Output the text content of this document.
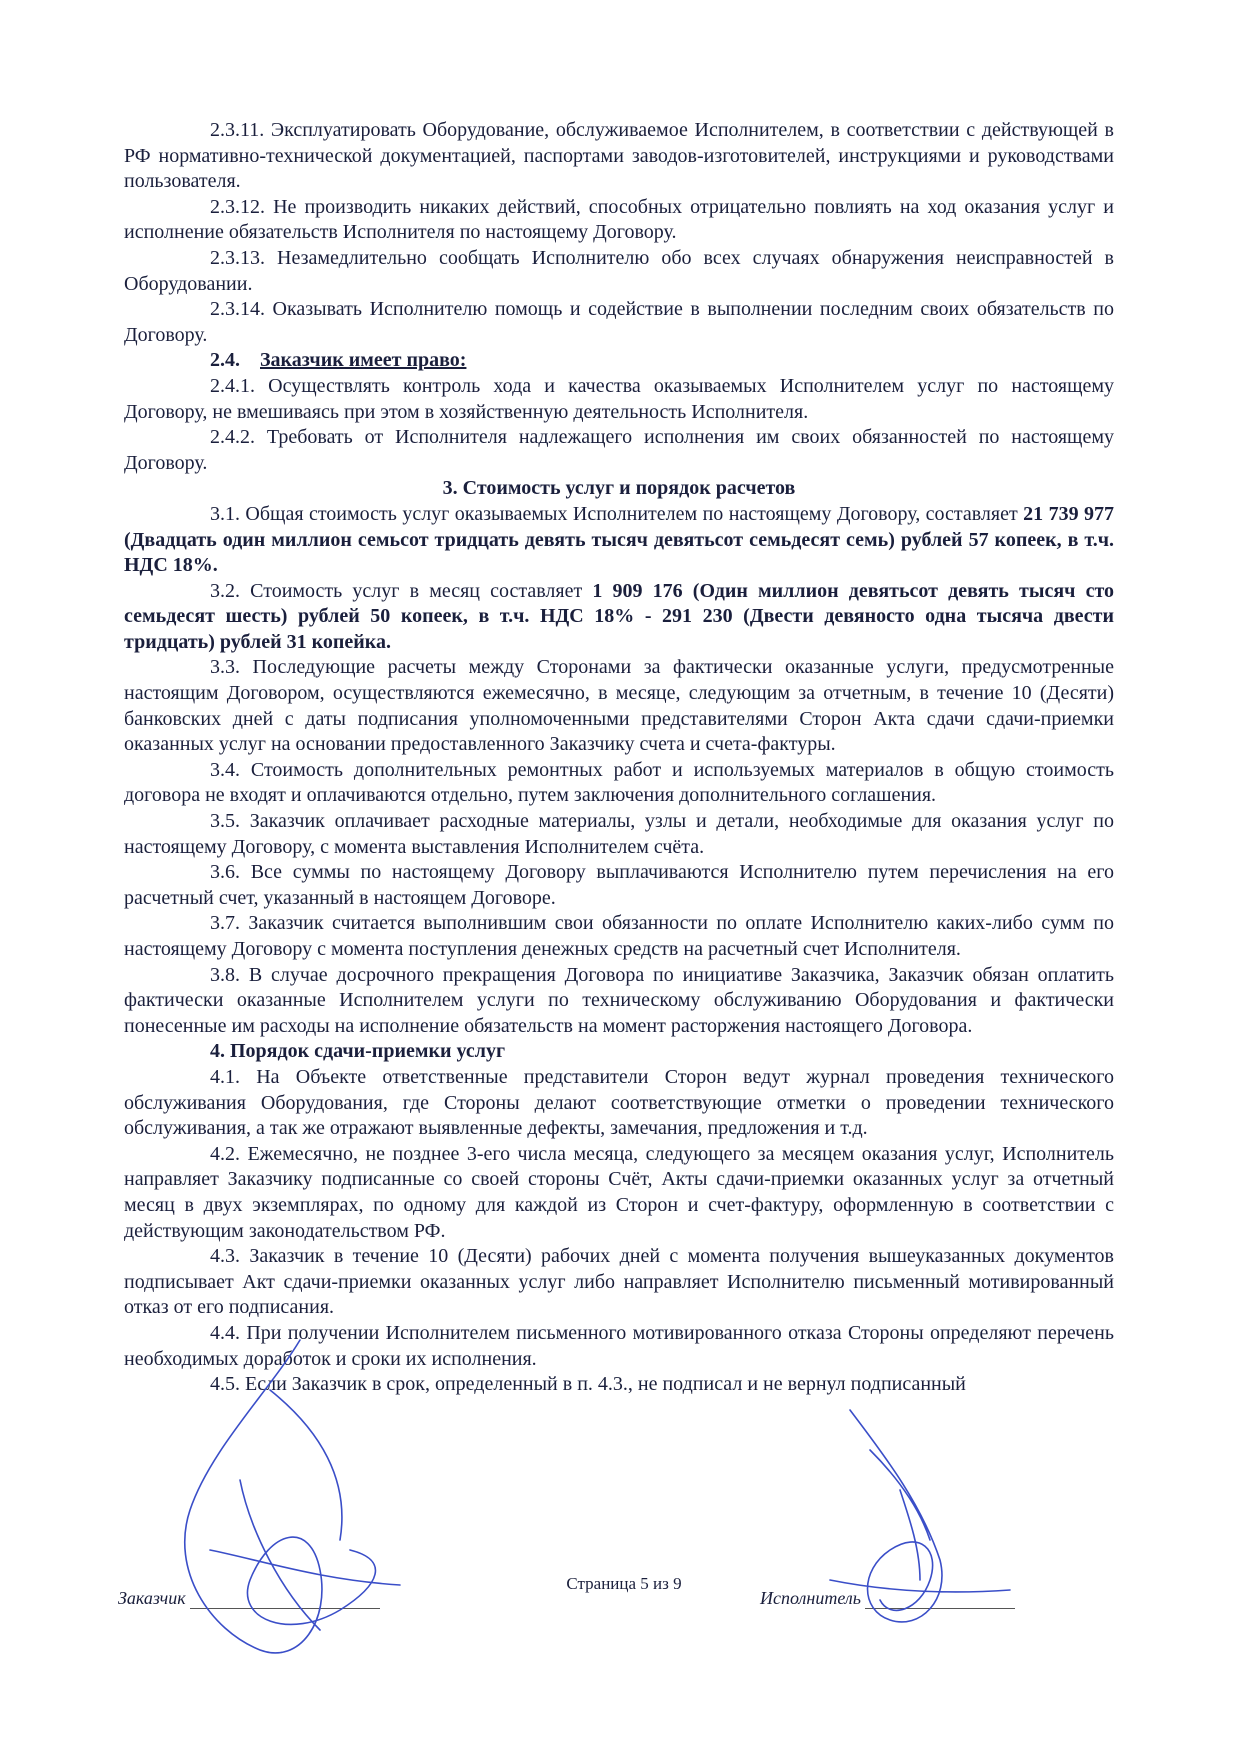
2.3.11. Эксплуатировать Оборудование, обслуживаемое Исполнителем, в соответствии с действующей в РФ нормативно-технической документацией, паспортами заводов-изготовителей, инструкциями и руководствами пользователя.

2.3.12. Не производить никаких действий, способных отрицательно повлиять на ход оказания услуг и исполнение обязательств Исполнителя по настоящему Договору.

2.3.13. Незамедлительно сообщать Исполнителю обо всех случаях обнаружения неисправностей в Оборудовании.

2.3.14. Оказывать Исполнителю помощь и содействие в выполнении последним своих обязательств по Договору.

2.4. Заказчик имеет право:

2.4.1. Осуществлять контроль хода и качества оказываемых Исполнителем услуг по настоящему Договору, не вмешиваясь при этом в хозяйственную деятельность Исполнителя.

2.4.2. Требовать от Исполнителя надлежащего исполнения им своих обязанностей по настоящему Договору.

3. Стоимость услуг и порядок расчетов

3.1. Общая стоимость услуг оказываемых Исполнителем по настоящему Договору, составляет 21 739 977 (Двадцать один миллион семьсот тридцать девять тысяч девятьсот семьдесят семь) рублей 57 копеек, в т.ч. НДС 18%.

3.2. Стоимость услуг в месяц составляет 1 909 176 (Один миллион девятьсот девять тысяч сто семьдесят шесть) рублей 50 копеек, в т.ч. НДС 18% - 291 230 (Двести девяносто одна тысяча двести тридцать) рублей 31 копейка.

3.3. Последующие расчеты между Сторонами за фактически оказанные услуги, предусмотренные настоящим Договором, осуществляются ежемесячно, в месяце, следующим за отчетным, в течение 10 (Десяти) банковских дней с даты подписания уполномоченными представителями Сторон Акта сдачи сдачи-приемки оказанных услуг на основании предоставленного Заказчику счета и счета-фактуры.

3.4. Стоимость дополнительных ремонтных работ и используемых материалов в общую стоимость договора не входят и оплачиваются отдельно, путем заключения дополнительного соглашения.

3.5. Заказчик оплачивает расходные материалы, узлы и детали, необходимые для оказания услуг по настоящему Договору, с момента выставления Исполнителем счёта.

3.6. Все суммы по настоящему Договору выплачиваются Исполнителю путем перечисления на его расчетный счет, указанный в настоящем Договоре.

3.7. Заказчик считается выполнившим свои обязанности по оплате Исполнителю каких-либо сумм по настоящему Договору с момента поступления денежных средств на расчетный счет Исполнителя.

3.8. В случае досрочного прекращения Договора по инициативе Заказчика, Заказчик обязан оплатить фактически оказанные Исполнителем услуги по техническому обслуживанию Оборудования и фактически понесенные им расходы на исполнение обязательств на момент расторжения настоящего Договора.

4. Порядок сдачи-приемки услуг

4.1. На Объекте ответственные представители Сторон ведут журнал проведения технического обслуживания Оборудования, где Стороны делают соответствующие отметки о проведении технического обслуживания, а так же отражают выявленные дефекты, замечания, предложения и т.д.

4.2. Ежемесячно, не позднее 3-его числа месяца, следующего за месяцем оказания услуг, Исполнитель направляет Заказчику подписанные со своей стороны Счёт, Акты сдачи-приемки оказанных услуг за отчетный месяц в двух экземплярах, по одному для каждой из Сторон и счет-фактуру, оформленную в соответствии с действующим законодательством РФ.

4.3. Заказчик в течение 10 (Десяти) рабочих дней с момента получения вышеуказанных документов подписывает Акт сдачи-приемки оказанных услуг либо направляет Исполнителю письменный мотивированный отказ от его подписания.

4.4. При получении Исполнителем письменного мотивированного отказа Стороны определяют перечень необходимых доработок и сроки их исполнения.

4.5. Если Заказчик в срок, определенный в п. 4.3., не подписал и не вернул подписанный

Страница 5 из 9
Заказчик	Исполнитель
